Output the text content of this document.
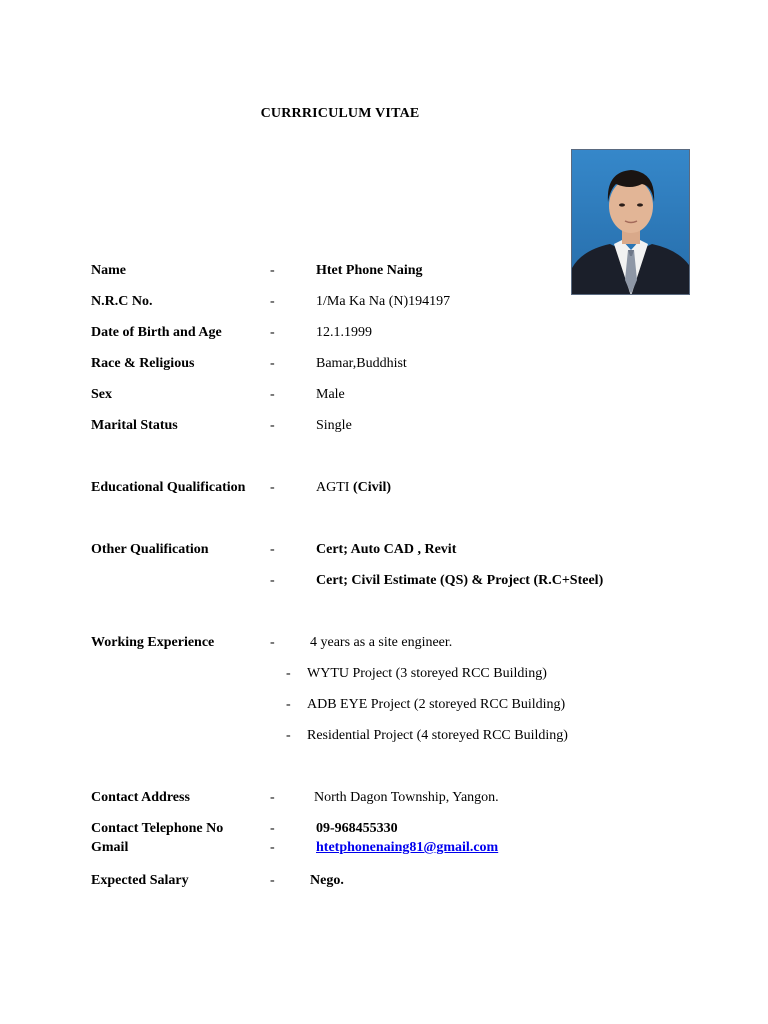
CURRRICULUM VITAE
Name	-	Htet Phone Naing
N.R.C No.	-	1/Ma Ka Na (N)194197
Date of Birth and Age	-	12.1.1999
Race & Religious	-	Bamar,Buddhist
Sex	-	Male
Marital Status	-	Single
Educational Qualification -	AGTI (Civil)
Other Qualification	-	Cert; Auto CAD , Revit
-	Cert; Civil Estimate (QS) & Project (R.C+Steel)
Working Experience	-	4 years as a site engineer.
- WYTU Project (3 storeyed RCC Building)
- ADB EYE Project (2 storeyed RCC Building)
- Residential Project (4 storeyed RCC Building)
Contact Address	-	North Dagon Township, Yangon.
Contact Telephone No	-	09-968455330
Gmail	-	htetphonenaing81@gmail.com
Expected Salary	-	Nego.
